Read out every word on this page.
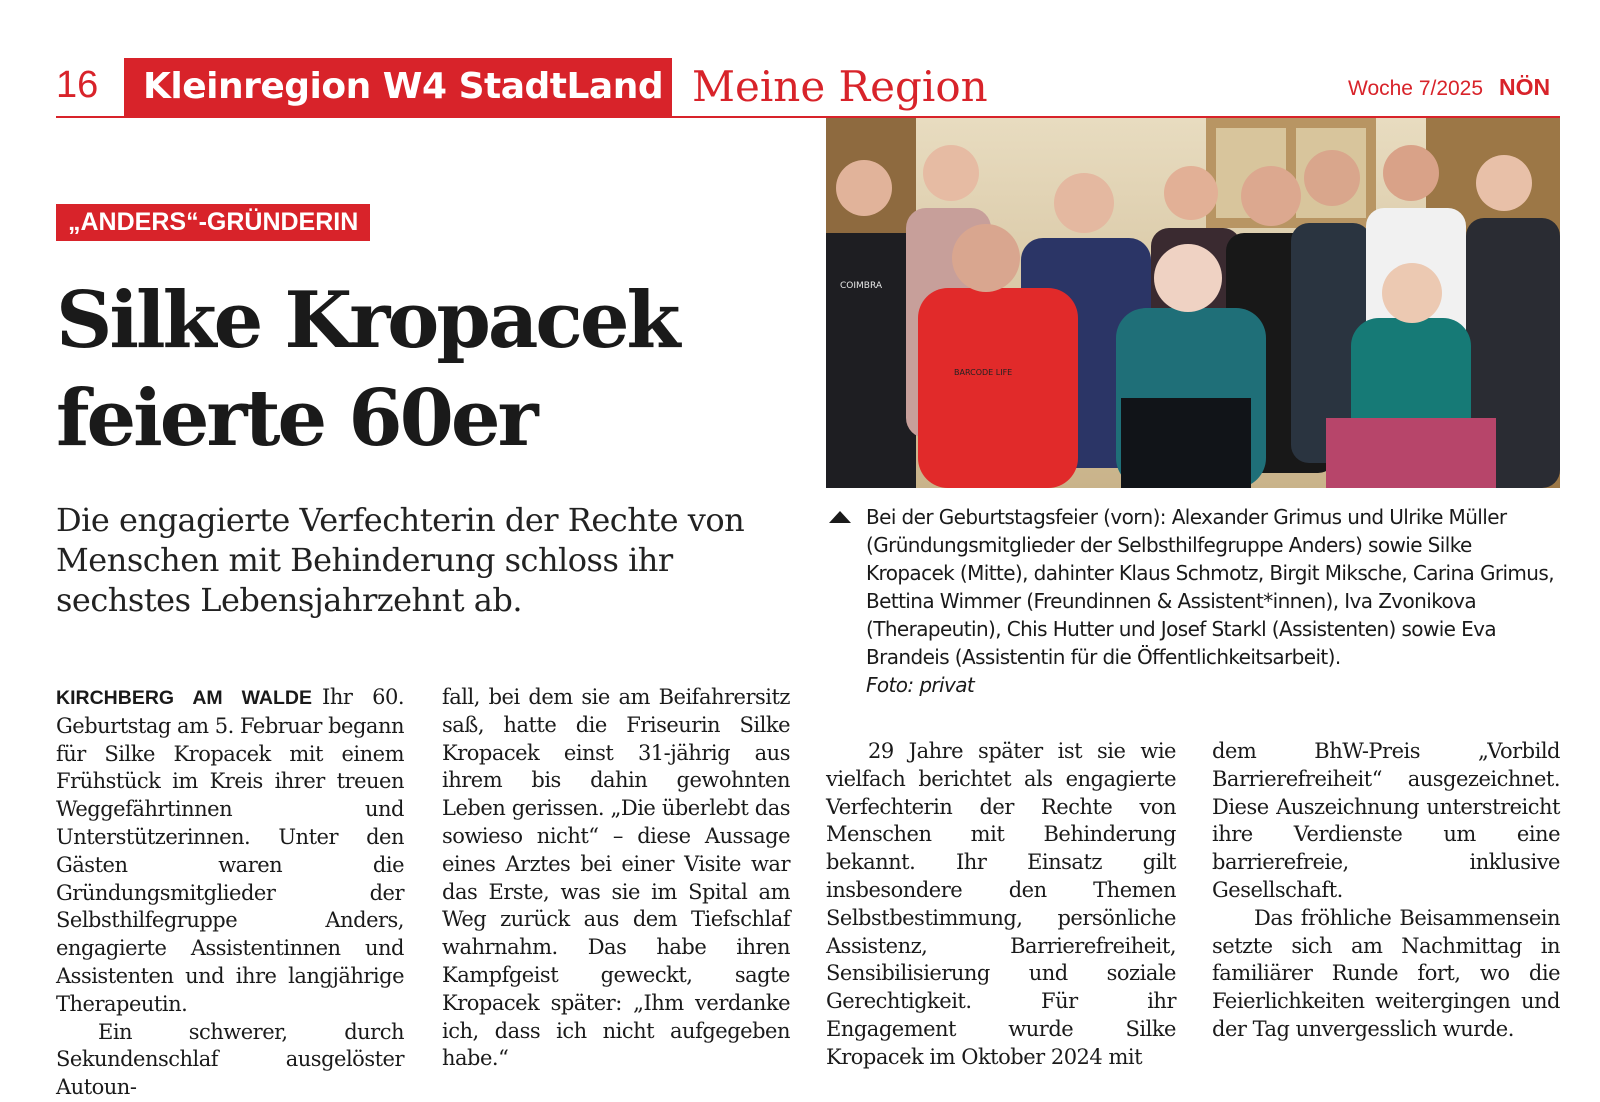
16 Kleinregion W4 StadtLand Meine Region	Woche 7/2025 NÖN
„ANDERS“-GRÜNDERIN
Silke Kropacek feierte 60er
Die engagierte Verfechterin der Rechte von Menschen mit Behinderung schloss ihr sechstes Lebensjahrzehnt ab.
COIMBRA
BARCODE LIFE
Bei der Geburtstagsfeier (vorn): Alexander Grimus und Ulrike Müller (Gründungsmitglieder der Selbsthilfegruppe Anders) sowie Silke Kropacek (Mitte), dahinter Klaus Schmotz, Birgit Miksche, Carina Grimus, Bettina Wimmer (Freundinnen & Assistent*innen), Iva Zvonikova (Therapeutin), Chis Hutter und Josef Starkl (Assistenten) sowie Eva Brandeis (Assistentin für die Öffentlichkeitsarbeit).
Foto: privat

KIRCHBERG AM WALDE Ihr 60. Geburtstag am 5. Februar begann für Silke Kropacek mit einem Frühstück im Kreis ihrer treuen Weggefährtinnen und Unterstützerinnen. Unter den Gästen waren die Gründungsmitglieder der Selbsthilfegruppe Anders, engagierte Assistentinnen und Assistenten und ihre langjährige Therapeutin.

Ein schwerer, durch Sekundenschlaf ausgelöster Autoun-

fall, bei dem sie am Beifahrersitz saß, hatte die Friseurin Silke Kropacek einst 31-jährig aus ihrem bis dahin gewohnten Leben gerissen. „Die überlebt das sowieso nicht“ – diese Aussage eines Arztes bei einer Visite war das Erste, was sie im Spital am Weg zurück aus dem Tiefschlaf wahrnahm. Das habe ihren Kampfgeist geweckt, sagte Kropacek später: „Ihm verdanke ich, dass ich nicht aufgegeben habe.“

29 Jahre später ist sie wie vielfach berichtet als engagierte Verfechterin der Rechte von Menschen mit Behinderung bekannt. Ihr Einsatz gilt insbesondere den Themen Selbstbestimmung, persönliche Assistenz, Barrierefreiheit, Sensibilisierung und soziale Gerechtigkeit. Für ihr Engagement wurde Silke Kropacek im Oktober 2024 mit

dem BhW-Preis „Vorbild Barrierefreiheit“ ausgezeichnet. Diese Auszeichnung unterstreicht ihre Verdienste um eine barrierefreie, inklusive Gesellschaft.

Das fröhliche Beisammensein setzte sich am Nachmittag in familiärer Runde fort, wo die Feierlichkeiten weitergingen und der Tag unvergesslich wurde.
